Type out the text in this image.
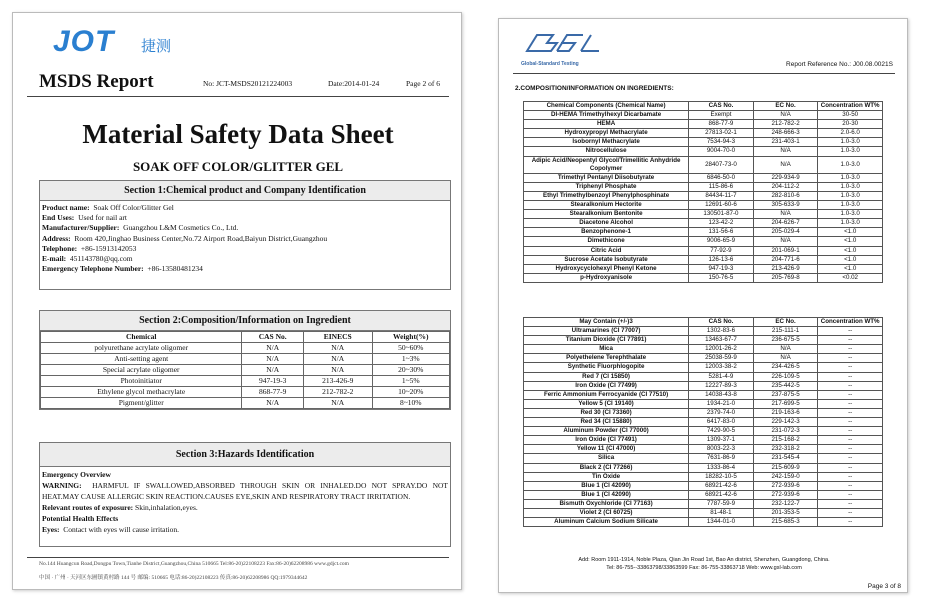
JOT 捷测
MSDS Report	No: JCT-MSDS20121224003	Date:2014-01-24	Page 2 of 6
Material Safety Data Sheet
SOAK OFF COLOR/GLITTER GEL
Section 1:Chemical product and Company Identification
Product name: Soak Off Color/Glitter Gel
End Uses: Used for nail art
Manufacturer/Supplier: Guangzhou L&M Cosmetics Co., Ltd.
Address: Room 420,Jinghao Business Center,No.72 Airport Road,Baiyun District,Guangzhou
Telephone: +86-15913142053
E-mail: 451143780@qq.com
Emergency Telephone Number: +86-13580481234
Section 2:Composition/Information on Ingredient
Chemical	CAS No.	EINECS	Weight(%)
polyurethane acrylate oligomer	N/A	N/A	50~60%
Anti-setting agent	N/A	N/A	1~3%
Special acrylate oligomer	N/A	N/A	20~30%
Photoinitiator	947-19-3	213-426-9	1~5%
Ethylene glycol methacrylate	868-77-9	212-782-2	10~20%
Pigment/glitter	N/A	N/A	8~10%
Section 3:Hazards Identification
Emergency Overview
WARNING: HARMFUL IF SWALLOWED,ABSORBED THROUGH SKIN OR INHALED.DO NOT SPRAY.DO NOT HEAT.MAY CAUSE ALLERGIC SKIN REACTION.CAUSES EYE,SKIN AND RESPIRATORY TRACT IRRITATION.
Relevant routes of exposure: Skin,inhalation,eyes.
Potential Health Effects
Eyes: Contact with eyes will cause irritation.
No.144 Huangcun Road,Dongpu Town,Tianhe District,Guangzhou,China 510665 Tel:86-20)22108223 Fax:86-20)62208986 www.gdjct.com
中国 · 广州 · 天河区东圃镇黄村路 144 号 邮编: 510665 电话:86-20)22108223 传真:86-20)62208986 QQ:1979344642
Global-Standard Testing	Report Reference No.: J00.08.0021S
2.COMPOSITION/INFORMATION ON INGREDIENTS:
Chemical Components (Chemical Name)	CAS No.	EC No.	Concentration WT%
DI-HEMA Trimethylhexyl Dicarbamate	Exempt	N/A	30-50
HEMA	868-77-9	212-782-2	20-30
Hydroxypropyl Methacrylate	27813-02-1	248-666-3	2.0-6.0
Isobornyl Methacrylate	7534-94-3	231-403-1	1.0-3.0
Nitrocellulose	9004-70-0	N/A	1.0-3.0
Adipic Acid/Neopentyl Glycol/Trimellitic Anhydride Copolymer	28407-73-0	N/A	1.0-3.0
Trimethyl Pentanyl Diisobutyrate	6846-50-0	229-934-9	1.0-3.0
Triphenyl Phosphate	115-86-6	204-112-2	1.0-3.0
Ethyl Trimethylbenzoyl Phenylphosphinate	84434-11-7	282-810-6	1.0-3.0
Stearalkonium Hectorite	12691-60-6	305-633-9	1.0-3.0
Stearalkonium Bentonite	130501-87-0	N/A	1.0-3.0
Diacetone Alcohol	123-42-2	204-626-7	1.0-3.0
Benzophenone-1	131-56-6	205-029-4	<1.0
Dimethicone	9006-65-9	N/A	<1.0
Citric Acid	77-92-9	201-069-1	<1.0
Sucrose Acetate Isobutyrate	126-13-6	204-771-6	<1.0
Hydroxycyclohexyl Phenyl Ketone	947-19-3	213-426-9	<1.0
p-Hydroxyanisole	150-76-5	205-769-8	<0.02
May Contain (+/-)3	CAS No.	EC No.	Concentration WT%
Ultramarines (CI 77007)	1302-83-6	215-111-1	--
Titanium Dioxide (CI 77891)	13463-67-7	236-675-5	--
Mica	12001-26-2	N/A	--
Polyethelene Terephthalate	25038-59-9	N/A	--
Synthetic Fluorphlogopite	12003-38-2	234-426-5	--
Red 7 (CI 15850)	5281-4-9	226-109-5	--
Iron Oxide (CI 77499)	12227-89-3	235-442-5	--
Ferric Ammonium Ferrocyanide (CI 77510)	14038-43-8	237-875-5	--
Yellow 5 (CI 19140)	1934-21-0	217-699-5	--
Red 30 (CI 73360)	2379-74-0	219-163-6	--
Red 34 (CI 15880)	6417-83-0	229-142-3	--
Aluminum Powder (CI 77000)	7429-90-5	231-072-3	--
Iron Oxide (CI 77491)	1309-37-1	215-168-2	--
Yellow 11 (CI 47000)	8003-22-3	232-318-2	--
Silica	7631-86-9	231-545-4	--
Black 2 (CI 77266)	1333-86-4	215-609-9	--
Tin Oxide	18282-10-5	242-159-0	--
Blue 1 (CI 42090)	68921-42-6	272-939-6	--
Blue 1 (CI 42090)	68921-42-6	272-939-6	--
Bismuth Oxychloride (CI 77163)	7787-59-9	232-122-7	--
Violet 2 (CI 60725)	81-48-1	201-353-5	--
Aluminum Calcium Sodium Silicate	1344-01-0	215-685-3	--
Add: Room 1911-1914, Noble Plaza, Qian Jin Road 1st, Bao An district, Shenzhen, Guangdong, China.
Tel: 86-755--33863798/33863599 Fax: 86-755-33863718 Web: www.gsl-lab.com
Page 3 of 8
